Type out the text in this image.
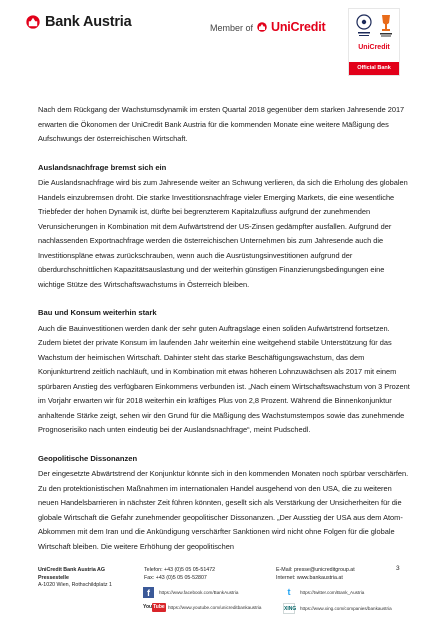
Bank Austria	Member of UniCredit
UniCredit
Official Bank

Nach dem Rückgang der Wachstumsdynamik im ersten Quartal 2018 gegenüber dem starken Jahresende 2017 erwarten die Ökonomen der UniCredit Bank Austria für die kommenden Monate eine weitere Mäßigung des Aufschwungs der österreichischen Wirtschaft.

Auslandsnachfrage bremst sich ein

Die Auslandsnachfrage wird bis zum Jahresende weiter an Schwung verlieren, da sich die Erholung des globalen Handels einzubremsen droht. Die starke Investitionsnachfrage vieler Emerging Markets, die eine wesentliche Triebfeder der hohen Dynamik ist, dürfte bei begrenzterem Kapitalzufluss aufgrund der zunehmenden Verunsicherungen in Kombination mit dem Aufwärtstrend der US-Zinsen gedämpfter ausfallen. Aufgrund der nachlassenden Exportnachfrage werden die österreichischen Unternehmen bis zum Jahresende auch die Investitionspläne etwas zurückschrauben, wenn auch die Ausrüstungsinvestitionen aufgrund der überdurchschnittlichen Kapazitätsauslastung und der weiterhin günstigen Finanzierungsbedingungen eine wichtige Stütze des Wirtschaftswachstums in Österreich bleiben.

Bau und Konsum weiterhin stark

Auch die Bauinvestitionen werden dank der sehr guten Auftragslage einen soliden Aufwärtstrend fortsetzen. Zudem bietet der private Konsum im laufenden Jahr weiterhin eine weitgehend stabile Unterstützung für das Wachstum der heimischen Wirtschaft. Dahinter steht das starke Beschäftigungswachstum, das dem Konjunkturtrend zeitlich nachläuft, und in Kombination mit etwas höheren Lohnzuwächsen als 2017 mit einem spürbaren Anstieg des verfügbaren Einkommens verbunden ist. „Nach einem Wirtschaftswachstum von 3 Prozent im Vorjahr erwarten wir für 2018 weiterhin ein kräftiges Plus von 2,8 Prozent. Während die Binnenkonjunktur anhaltende Stärke zeigt, sehen wir den Grund für die Mäßigung des Wachstumstempos sowie das zunehmende Prognoserisiko nach unten eindeutig bei der Auslandsnachfrage“, meint Pudschedl.

Geopolitische Dissonanzen

Der eingesetzte Abwärtstrend der Konjunktur könnte sich in den kommenden Monaten noch spürbar verschärfen. Zu den protektionistischen Maßnahmen im internationalen Handel ausgehend von den USA, die zu weiteren neuen Handelsbarrieren in nächster Zeit führen könnten, gesellt sich als Verstärkung der Unsicherheiten für die globale Wirtschaft die Gefahr zunehmender geopolitischer Dissonanzen. „Der Ausstieg der USA aus dem Atom-Abkommen mit dem Iran und die Ankündigung verschärfter Sanktionen wird nicht ohne Folgen für die globale Wirtschaft bleiben. Die weitere Erhöhung der geopolitischen

UniCredit Bank Austria AG
Pressestelle
A-1020 Wien, Rothschildplatz 1
Telefon: +43 (0)5 05 05-51472
Fax: +43 (0)5 05 05-52807
E-Mail: presse@unicreditgroup.at
Internet: www.bankaustria.at
3
f	https://www.facebook.com/BankAustria
You Tube https://www.youtube.com/unicreditbankaustria
t	https://twitter.com/Bank_Austria
XING https://www.xing.com/companies/bankaustria
